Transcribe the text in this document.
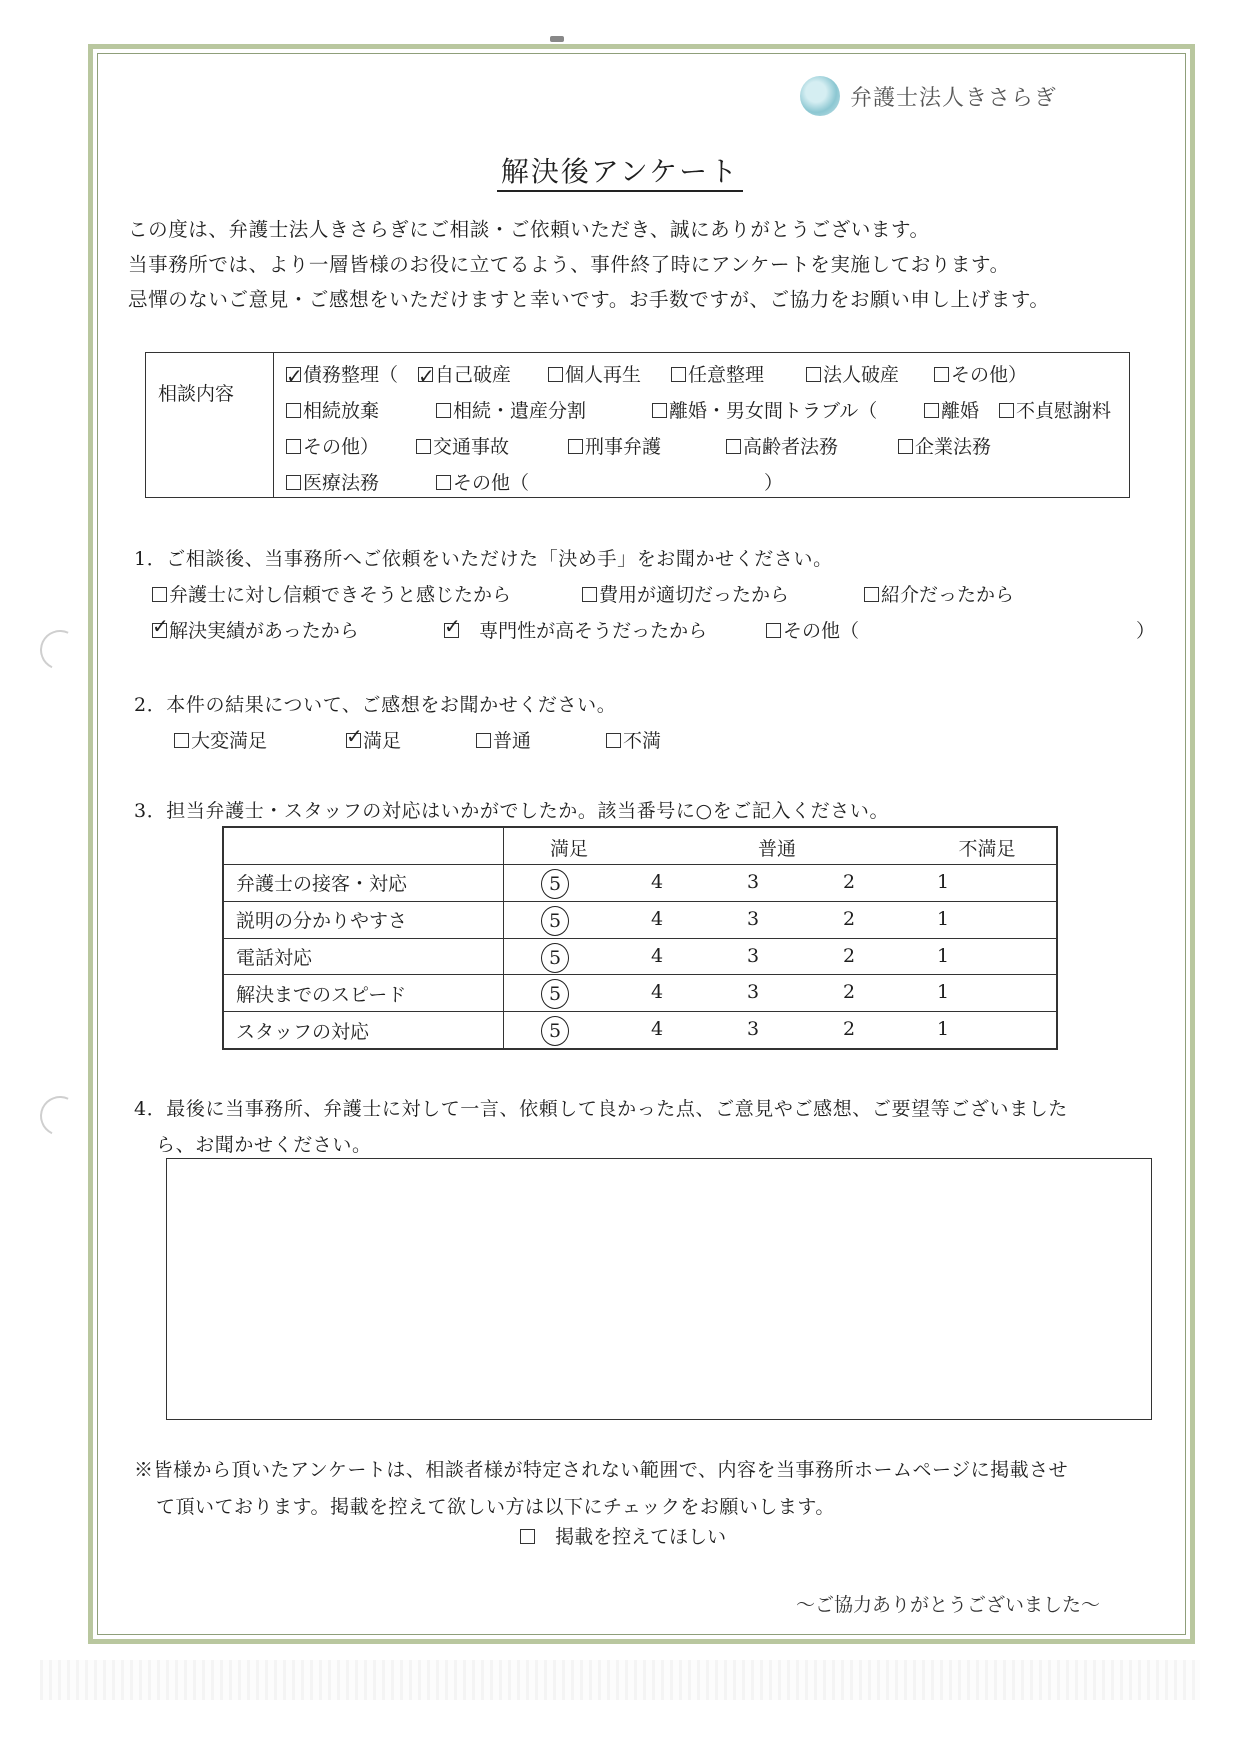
弁護士法人きさらぎ
解決後アンケート

この度は、弁護士法人きさらぎにご相談・ご依頼いただき、誠にありがとうございます。

当事務所では、より一層皆様のお役に立てるよう、事件終了時にアンケートを実施しております。

忌憚のないご意見・ご感想をいただけますと幸いです。お手数ですが、ご協力をお願い申し上げます。

相談内容
✓債務整理（ ✓	自己破産	個人再生	任意整理	法人破産	その他）
相続放棄	相続・遺産分割	離婚・男女間トラブル（	離婚	不貞慰謝料
その他）	交通事故	刑事弁護	高齢者法務	企業法務
医療法務	その他（	）
1．ご相談後、当事務所へご依頼をいただけた「決め手」をお聞かせください。
弁護士に対し信頼できそうと感じたから	費用が適切だったから	紹介だったから
✓解決実績があったから ✓	専門性が高そうだったから	その他（	）
2．本件の結果について、ご感想をお聞かせください。
大変満足 ✓	満足	普通	不満
3．担当弁護士・スタッフの対応はいかがでしたか。該当番号に○をご記入ください。

	満足 普通 不満足

弁護士の接客・対応	5 4 3 2 1

説明の分かりやすさ	5 4 3 2 1

電話対応	5 4 3 2 1

解決までのスピード	5 4 3 2 1

スタッフの対応	5 4 3 2 1
4．最後に当事務所、弁護士に対して一言、依頼して良かった点、ご意見やご感想、ご要望等ございました
ら、お聞かせください。

※皆様から頂いたアンケートは、相談者様が特定されない範囲で、内容を当事務所ホームページに掲載させ

て頂いております。掲載を控えて欲しい方は以下にチェックをお願いします。

掲載を控えてほしい
～ご協力ありがとうございました～
